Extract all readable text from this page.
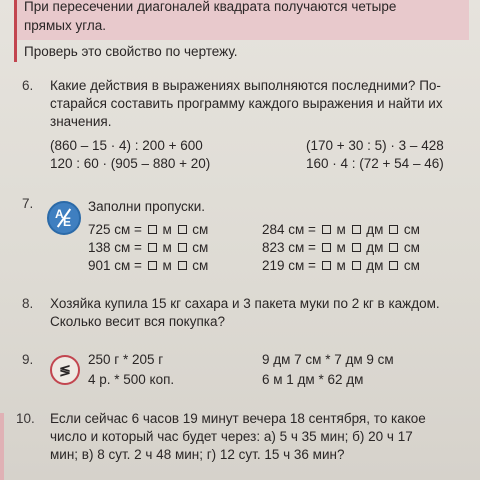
При пересечении диагоналей квадрата получаются четыре
прямых угла.
Проверь это свойство по чертежу.
6. Какие действия в выражениях выполняются последними? По-
старайся составить программу каждого выражения и найти их
значения.
(860 – 15 · 4) : 200 + 600	(170 + 30 : 5) · 3 – 428
120 : 60 · (905 – 880 + 20)	160 · 4 : (72 + 54 – 46)
7.
А
Е
Заполни пропуски.
725 см =  м  см
138 см =  м  см
901 см =  м  см
284 см =  м  дм  см
823 см =  м  дм  см
219 см =  м  дм  см
8. Хозяйка купила 15 кг сахара и 3 пакета муки по 2 кг в каждом.
Сколько весит вся покупка?
9.
≶
250 г * 205 г
4 р. * 500 коп.
9 дм 7 см * 7 дм 9 см
6 м 1 дм * 62 дм
10. Если сейчас 6 часов 19 минут вечера 18 сентября, то какое
число и который час будет через: а) 5 ч 35 мин; б) 20 ч 17
мин; в) 8 сут. 2 ч 48 мин; г) 12 сут. 15 ч 36 мин?
